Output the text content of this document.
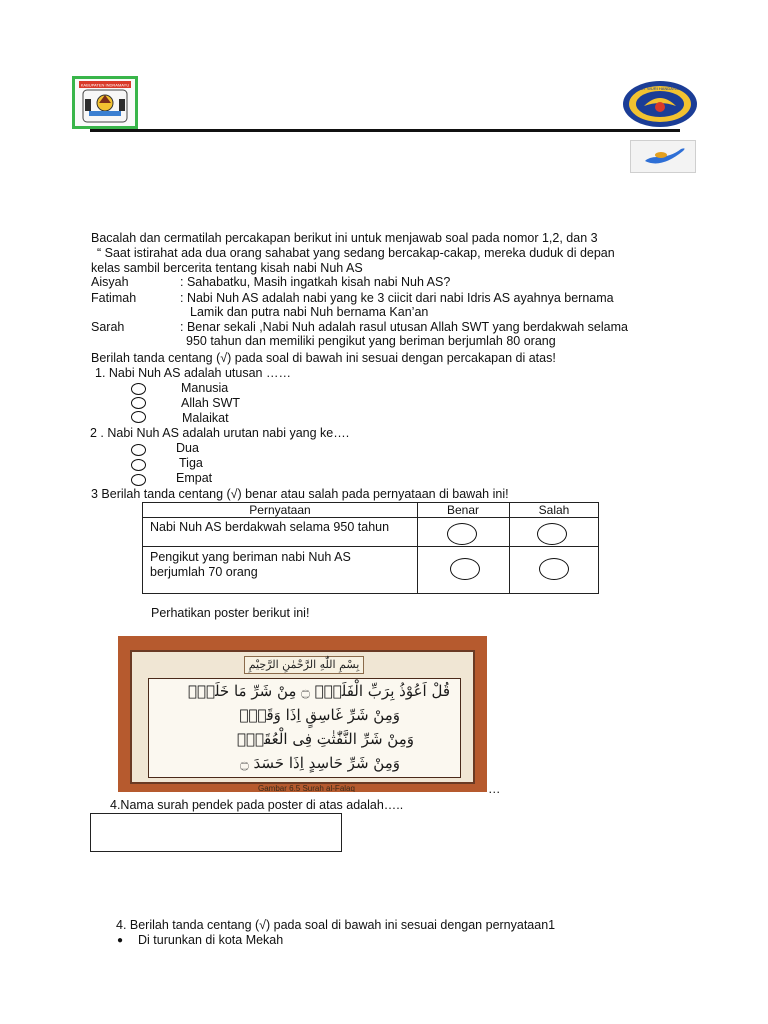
KABUPATEN INDRAMAYU
TUT WURI HANDAYANI
Bacalah dan cermatilah percakapan berikut ini untuk menjawab soal pada nomor 1,2, dan 3
“ Saat istirahat ada dua orang sahabat yang sedang bercakap-cakap, mereka duduk di depan
kelas sambil bercerita tentang kisah nabi Nuh AS
Aisyah	: Sahabatku, Masih ingatkah kisah nabi Nuh AS?
Fatimah	: Nabi Nuh AS adalah nabi yang ke 3 ciicit dari nabi Idris AS ayahnya bernama
Lamik dan putra nabi Nuh bernama Kan’an
Sarah	: Benar sekali ,Nabi Nuh adalah rasul utusan Allah SWT yang berdakwah selama
950 tahun dan memiliki pengikut yang beriman berjumlah 80 orang
Berilah tanda centang (√) pada soal di bawah ini sesuai dengan percakapan di atas!
1. Nabi Nuh AS adalah utusan ……
Manusia
Allah SWT
Malaikat
2 . Nabi Nuh AS adalah urutan nabi yang ke….
Dua
Tiga
Empat
3 Berilah tanda centang (√) benar atau salah pada pernyataan di bawah ini!
Pernyataan	Benar	Salah
Nabi Nuh AS berdakwah selama 950 tahun
Pengikut yang beriman nabi Nuh AS
berjumlah 70 orang
Perhatikan poster berikut ini!
بِسْمِ اللّٰهِ الرَّحْمٰنِ الرَّحِيْمِ
قُلْ اَعُوْذُ بِرَبِّ الْفَلَقِۙ ۝ مِنْ شَرِّ مَا خَلَقَۙ
وَمِنْ شَرِّ غَاسِقٍ اِذَا وَقَبَۙ
وَمِنْ شَرِّ النَّفّٰثٰتِ فِى الْعُقَدِۙ
وَمِنْ شَرِّ حَاسِدٍ اِذَا حَسَدَ ۝
Gambar 6.5 Surah al-Falaq	…
4.Nama surah pendek pada poster di atas adalah…..
4. Berilah tanda centang (√) pada soal di bawah ini sesuai dengan pernyataan1
● Di turunkan di kota Mekah
